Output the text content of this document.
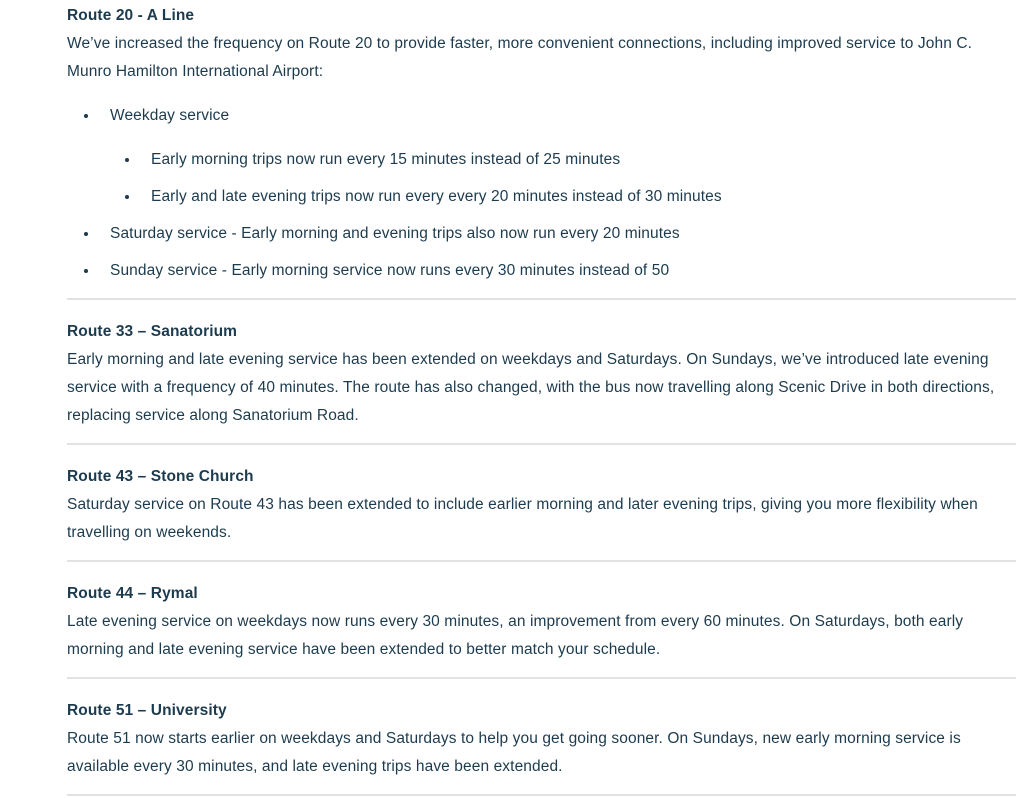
Route 20 - A Line

We’ve increased the frequency on Route 20 to provide faster, more convenient connections, including improved service to John C. Munro Hamilton International Airport:

Weekday service
Early morning trips now run every 15 minutes instead of 25 minutes
Early and late evening trips now run every every 20 minutes instead of 30 minutes
Saturday service - Early morning and evening trips also now run every 20 minutes
Sunday service - Early morning service now runs every 30 minutes instead of 50
Route 33 – Sanatorium

Early morning and late evening service has been extended on weekdays and Saturdays. On Sundays, we’ve introduced late evening service with a frequency of 40 minutes. The route has also changed, with the bus now travelling along Scenic Drive in both directions, replacing service along Sanatorium Road.

Route 43 – Stone Church

Saturday service on Route 43 has been extended to include earlier morning and later evening trips, giving you more flexibility when travelling on weekends.

Route 44 – Rymal

Late evening service on weekdays now runs every 30 minutes, an improvement from every 60 minutes. On Saturdays, both early morning and late evening service have been extended to better match your schedule.

Route 51 – University

Route 51 now starts earlier on weekdays and Saturdays to help you get going sooner. On Sundays, new early morning service is available every 30 minutes, and late evening trips have been extended.
